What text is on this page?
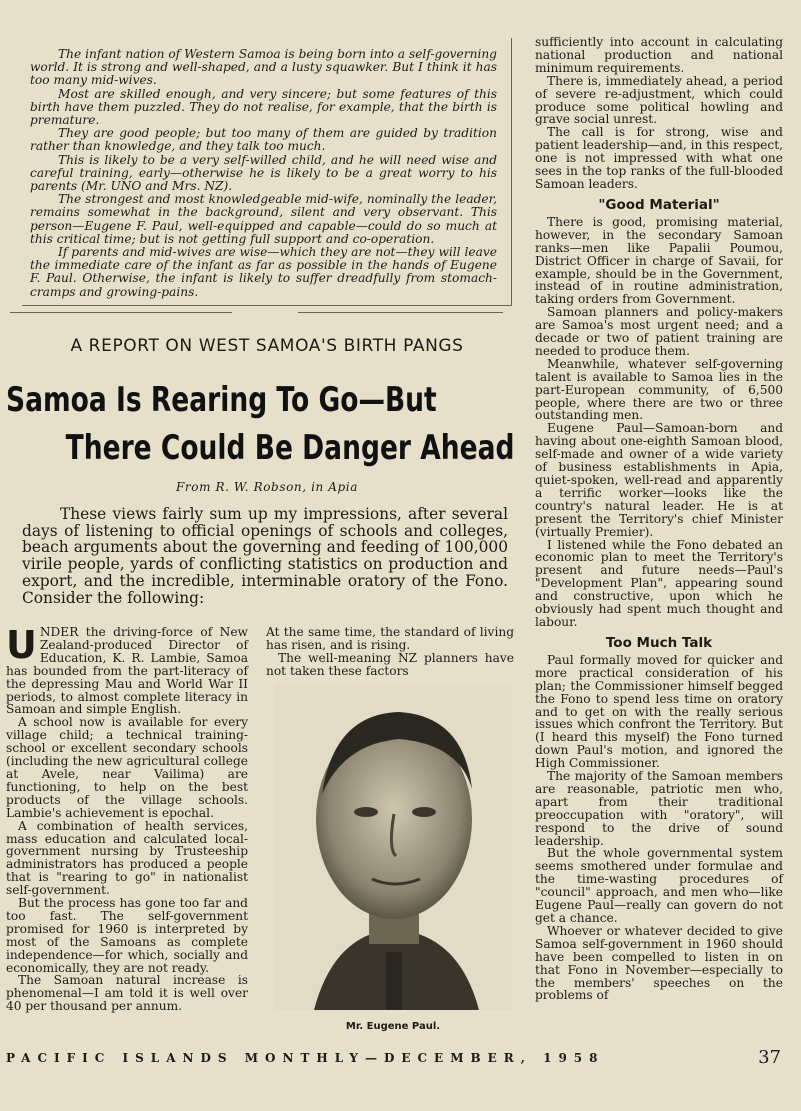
The infant nation of Western Samoa is being born into a self-governing world. It is strong and well-shaped, and a lusty squawker. But I think it has too many mid-wives.

Most are skilled enough, and very sincere; but some features of this birth have them puzzled. They do not realise, for example, that the birth is premature.

They are good people; but too many of them are guided by tradition rather than knowledge, and they talk too much.

This is likely to be a very self-willed child, and he will need wise and careful training, early—otherwise he is likely to be a great worry to his parents (Mr. UNO and Mrs. NZ).

The strongest and most knowledgeable mid-wife, nominally the leader, remains somewhat in the background, silent and very observant. This person—Eugene F. Paul, well-equipped and capable—could do so much at this critical time; but is not getting full support and co-operation.

If parents and mid-wives are wise—which they are not—they will leave the immediate care of the infant as far as possible in the hands of Eugene F. Paul. Otherwise, the infant is likely to suffer dreadfully from stomach-cramps and growing-pains.

A REPORT ON WEST SAMOA'S BIRTH PANGS
Samoa Is Rearing To Go—But
There Could Be Danger Ahead
From R. W. Robson, in Apia

These views fairly sum up my impressions, after several days of listening to official openings of schools and colleges, beach arguments about the governing and feeding of 100,000 virile people, yards of conflicting statistics on production and export, and the incredible, interminable oratory of the Fono. Consider the following:

UNDER the driving-force of New Zealand-produced Director of Education, K. R. Lambie, Samoa has bounded from the part-literacy of the depressing Mau and World War II periods, to almost complete literacy in Samoan and simple English.

A school now is available for every village child; a technical training-school or excellent secondary schools (including the new agricultural college at Avele, near Vailima) are functioning, to help on the best products of the village schools. Lambie's achievement is epochal.

A combination of health services, mass education and calculated local-government nursing by Trusteeship administrators has produced a people that is "rearing to go" in nationalist self-government.

But the process has gone too far and too fast. The self-government promised for 1960 is interpreted by most of the Samoans as complete independence—for which, socially and economically, they are not ready.

The Samoan natural increase is phenomenal—I am told it is well over 40 per thousand per annum.

At the same time, the standard of living has risen, and is rising.

The well-meaning NZ planners have not taken these factors

Mr. Eugene Paul.

sufficiently into account in calculating national production and national minimum requirements.

There is, immediately ahead, a period of severe re-adjustment, which could produce some political howling and grave social unrest.

The call is for strong, wise and patient leadership—and, in this respect, one is not impressed with what one sees in the top ranks of the full-blooded Samoan leaders.

"Good Material"

There is good, promising material, however, in the secondary Samoan ranks—men like Papalii Poumou, District Officer in charge of Savaii, for example, should be in the Government, instead of in routine administration, taking orders from Government.

Samoan planners and policy-makers are Samoa's most urgent need; and a decade or two of patient training are needed to produce them.

Meanwhile, whatever self-governing talent is available to Samoa lies in the part-European community, of 6,500 people, where there are two or three outstanding men.

Eugene Paul—Samoan-born and having about one-eighth Samoan blood, self-made and owner of a wide variety of business establishments in Apia, quiet-spoken, well-read and apparently a terrific worker—looks like the country's natural leader. He is at present the Territory's chief Minister (virtually Premier).

I listened while the Fono debated an economic plan to meet the Territory's present and future needs—Paul's "Development Plan", appearing sound and constructive, upon which he obviously had spent much thought and labour.

Too Much Talk

Paul formally moved for quicker and more practical consideration of his plan; the Commissioner himself begged the Fono to spend less time on oratory and to get on with the really serious issues which confront the Territory. But (I heard this myself) the Fono turned down Paul's motion, and ignored the High Commissioner.

The majority of the Samoan members are reasonable, patriotic men who, apart from their traditional preoccupation with "oratory", will respond to the drive of sound leadership.

But the whole governmental system seems smothered under formulae and the time-wasting procedures of "council" approach, and men who—like Eugene Paul—really can govern do not get a chance.

Whoever or whatever decided to give Samoa self-government in 1960 should have been compelled to listen in on that Fono in November—especially to the members' speeches on the problems of

PACIFIC ISLANDS MONTHLY—DECEMBER, 1958	37
